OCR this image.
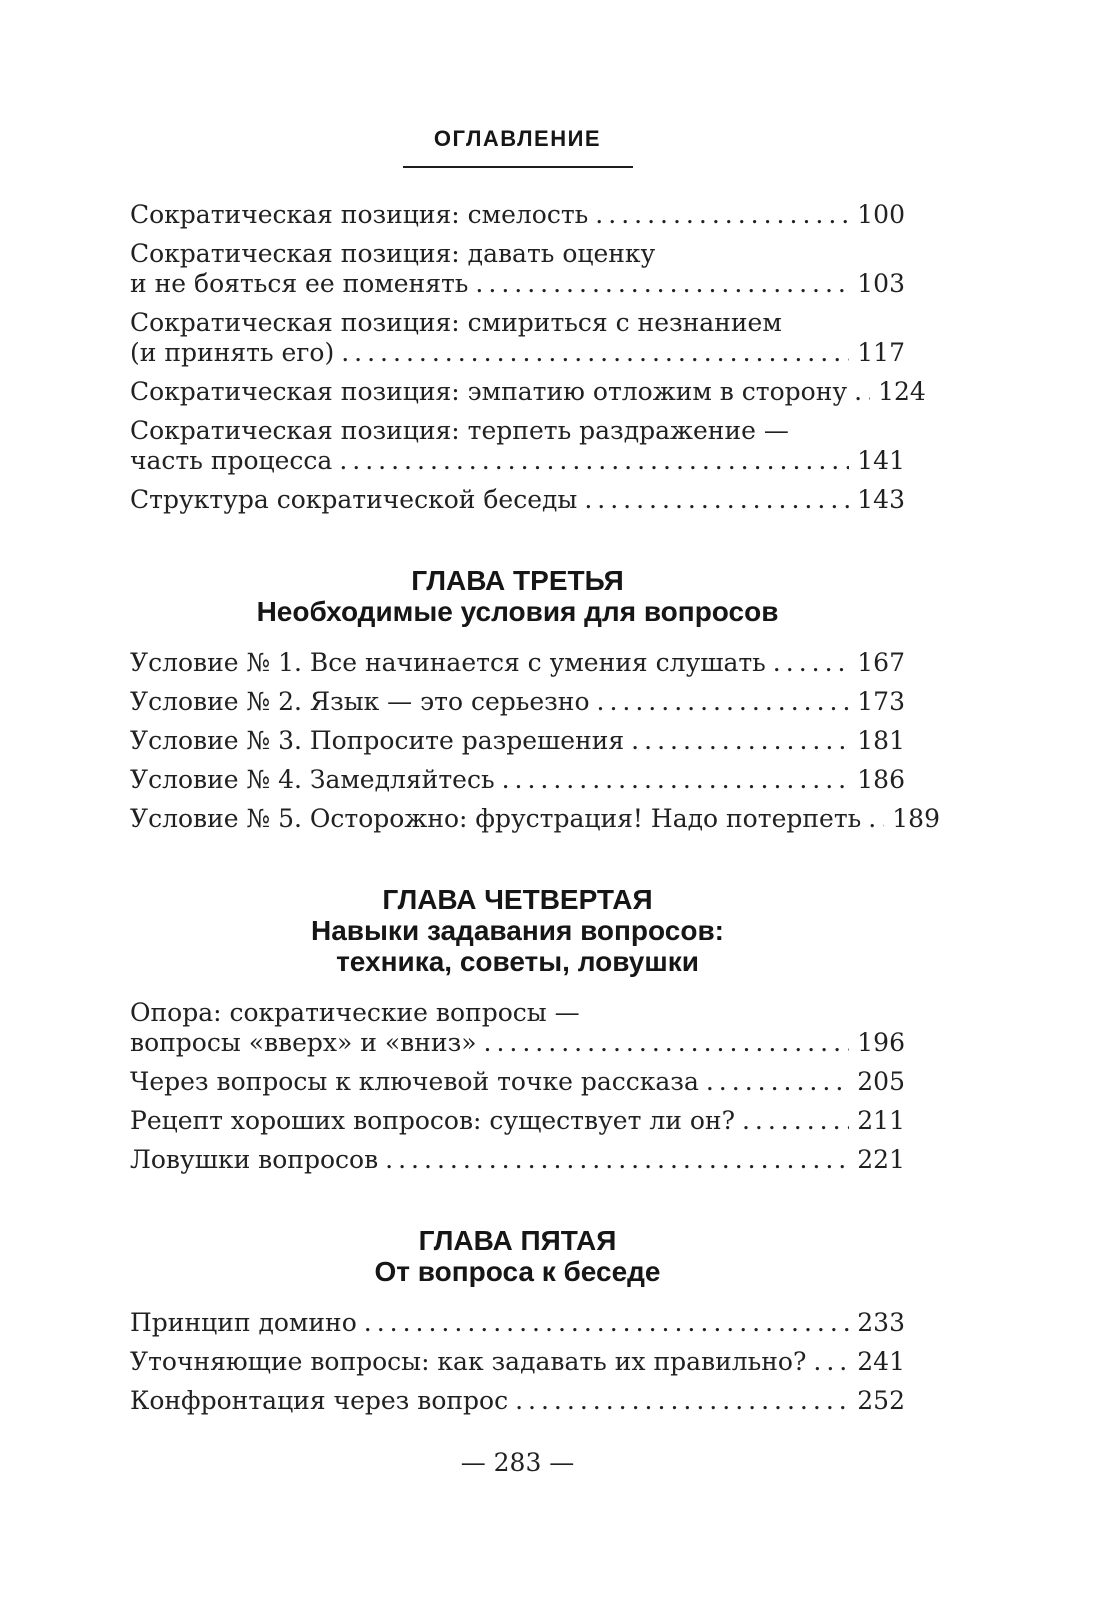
ОГЛАВЛЕНИЕ
Сократическая позиция: смелость .....	100
Сократическая позиция: давать оценку
и не бояться ее поменять .....	103
Сократическая позиция: смириться с незнанием
(и принять его) .....	117
Сократическая позиция: эмпатию отложим в сторону ..... 124
Сократическая позиция: терпеть раздражение —
часть процесса .....	141
Структура сократической беседы .....	143
ГЛАВА ТРЕТЬЯ
Необходимые условия для вопросов
Условие № 1. Все начинается с умения слушать .....	167
Условие № 2. Язык — это серьезно .....	173
Условие № 3. Попросите разрешения .....	181
Условие № 4. Замедляйтесь .....	186
Условие № 5. Осторожно: фрустрация! Надо потерпеть ..... 189
ГЛАВА ЧЕТВЕРТАЯ
Навыки задавания вопросов:
техника, советы, ловушки
Опора: сократические вопросы —
вопросы «вверх» и «вниз» .....	196
Через вопросы к ключевой точке рассказа .....	205
Рецепт хороших вопросов: существует ли он? .....	211
Ловушки вопросов .....	221
ГЛАВА ПЯТАЯ
От вопроса к беседе
Принцип домино .....	233
Уточняющие вопросы: как задавать их правильно? ..... 241
Конфронтация через вопрос .....	252
— 283 —
